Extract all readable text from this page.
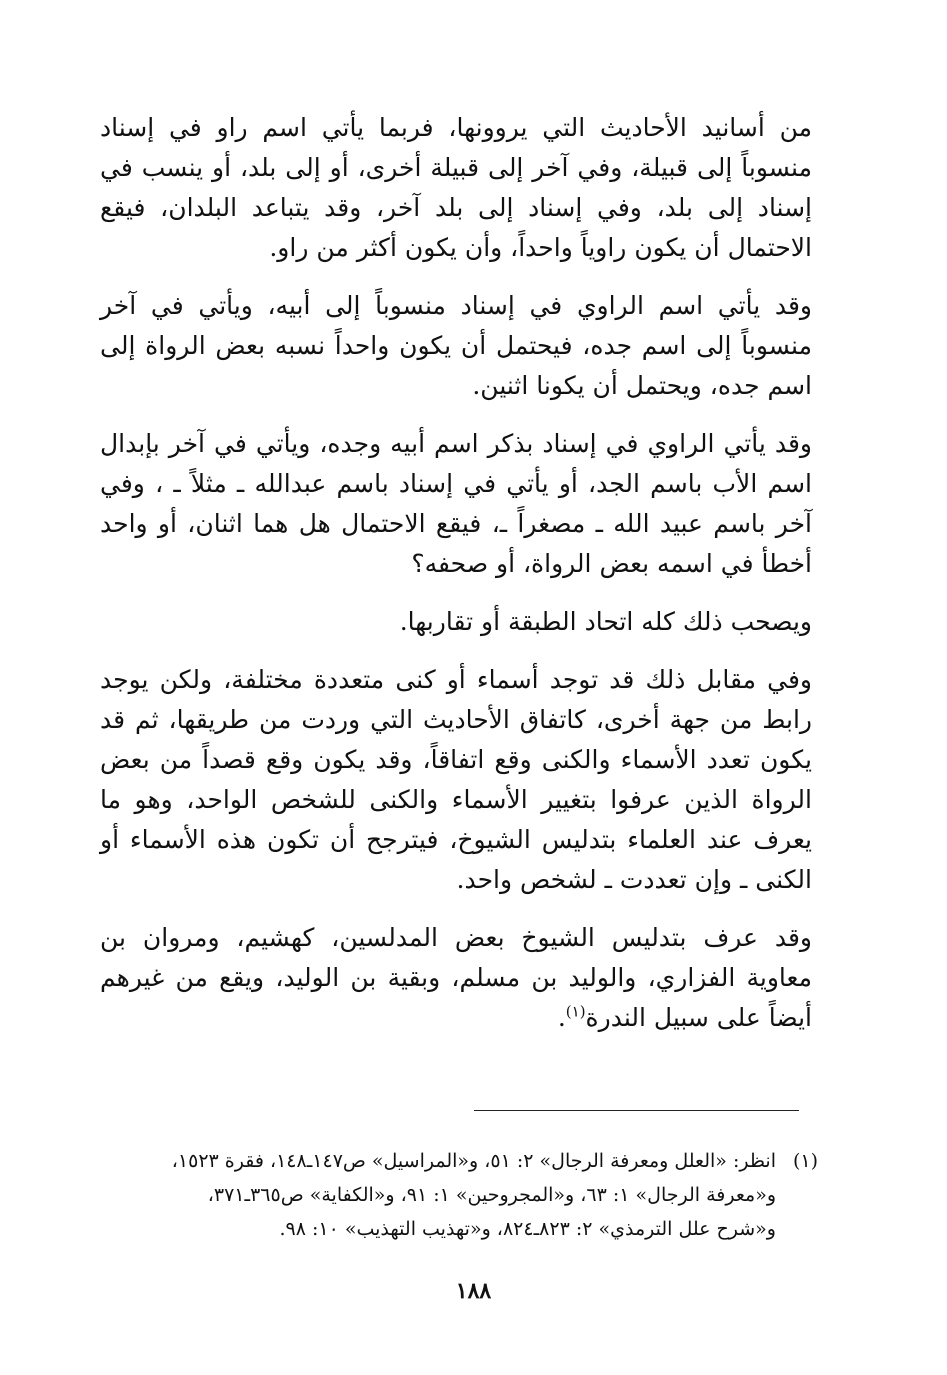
من أسانيد الأحاديث التي يروونها، فربما يأتي اسم راو في إسناد منسوباً إلى قبيلة، وفي آخر إلى قبيلة أخرى، أو إلى بلد، أو ينسب في إسناد إلى بلد، وفي إسناد إلى بلد آخر، وقد يتباعد البلدان، فيقع الاحتمال أن يكون راوياً واحداً، وأن يكون أكثر من راو.

وقد يأتي اسم الراوي في إسناد منسوباً إلى أبيه، ويأتي في آخر منسوباً إلى اسم جده، فيحتمل أن يكون واحداً نسبه بعض الرواة إلى اسم جده، ويحتمل أن يكونا اثنين.

وقد يأتي الراوي في إسناد بذكر اسم أبيه وجده، ويأتي في آخر بإبدال اسم الأب باسم الجد، أو يأتي في إسناد باسم عبدالله ـ مثلاً ـ ، وفي آخر باسم عبيد الله ـ مصغراً ـ، فيقع الاحتمال هل هما اثنان، أو واحد أخطأ في اسمه بعض الرواة، أو صحفه؟

ويصحب ذلك كله اتحاد الطبقة أو تقاربها.

وفي مقابل ذلك قد توجد أسماء أو كنى متعددة مختلفة، ولكن يوجد رابط من جهة أخرى، كاتفاق الأحاديث التي وردت من طريقها، ثم قد يكون تعدد الأسماء والكنى وقع اتفاقاً، وقد يكون وقع قصداً من بعض الرواة الذين عرفوا بتغيير الأسماء والكنى للشخص الواحد، وهو ما يعرف عند العلماء بتدليس الشيوخ، فيترجح أن تكون هذه الأسماء أو الكنى ـ وإن تعددت ـ لشخص واحد.

وقد عرف بتدليس الشيوخ بعض المدلسين، كهشيم، ومروان بن معاوية الفزاري، والوليد بن مسلم، وبقية بن الوليد، ويقع من غيرهم أيضاً على سبيل الندرة$^{(١)}$.

(١)انظر: «العلل ومعرفة الرجال» ٢: ٥١، و«المراسيل» ص١٤٧ـ١٤٨، فقرة ١٥٢٣،
و«معرفة الرجال» ١: ٦٣، و«المجروحين» ١: ٩١، و«الكفاية» ص٣٦٥ـ٣٧١،
و«شرح علل الترمذي» ٢: ٨٢٣ـ٨٢٤، و«تهذيب التهذيب» ١٠: ٩٨.
١٨٨
